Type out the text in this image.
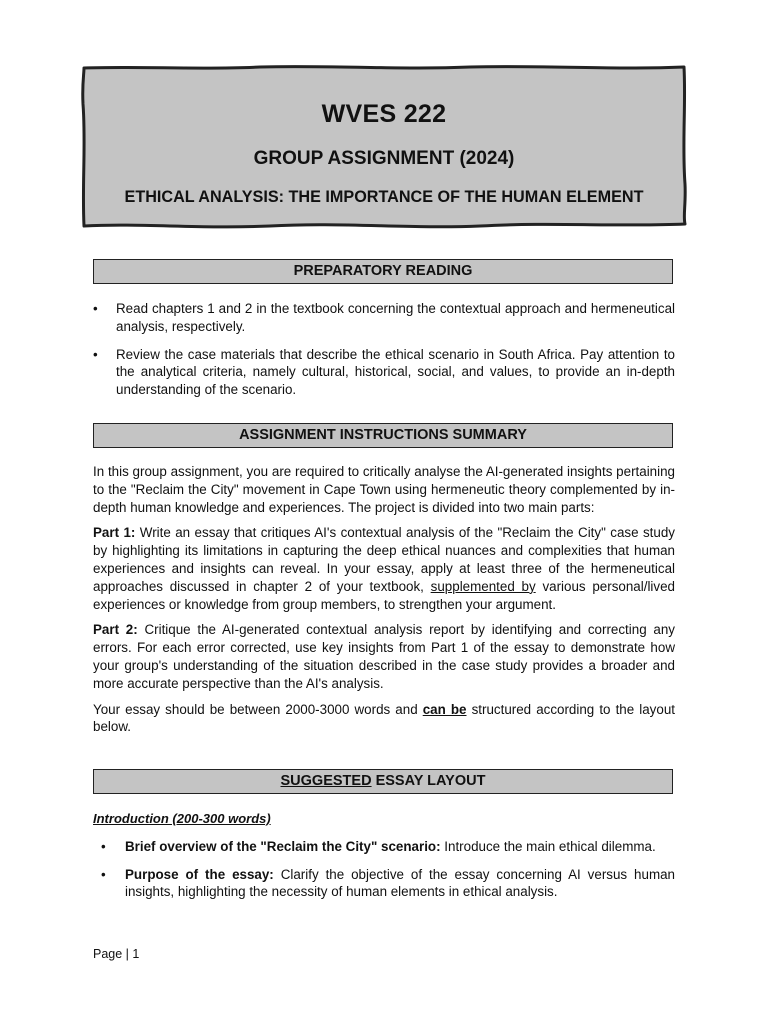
WVES 222
GROUP ASSIGNMENT (2024)
ETHICAL ANALYSIS: THE IMPORTANCE OF THE HUMAN ELEMENT
PREPARATORY READING
• Read chapters 1 and 2 in the textbook concerning the contextual approach and hermeneutical analysis, respectively.
• Review the case materials that describe the ethical scenario in South Africa. Pay attention to the analytical criteria, namely cultural, historical, social, and values, to provide an in-depth understanding of the scenario.
ASSIGNMENT INSTRUCTIONS SUMMARY

In this group assignment, you are required to critically analyse the AI-generated insights pertaining to the "Reclaim the City" movement in Cape Town using hermeneutic theory complemented by in-depth human knowledge and experiences. The project is divided into two main parts:

Part 1: Write an essay that critiques AI's contextual analysis of the "Reclaim the City" case study by highlighting its limitations in capturing the deep ethical nuances and complexities that human experiences and insights can reveal. In your essay, apply at least three of the hermeneutical approaches discussed in chapter 2 of your textbook, supplemented by various personal/lived experiences or knowledge from group members, to strengthen your argument.

Part 2: Critique the AI-generated contextual analysis report by identifying and correcting any errors. For each error corrected, use key insights from Part 1 of the essay to demonstrate how your group's understanding of the situation described in the case study provides a broader and more accurate perspective than the AI's analysis.

Your essay should be between 2000-3000 words and can be structured according to the layout below.

SUGGESTED ESSAY LAYOUT

Introduction (200-300 words)

• Brief overview of the "Reclaim the City" scenario: Introduce the main ethical dilemma.
• Purpose of the essay: Clarify the objective of the essay concerning AI versus human insights, highlighting the necessity of human elements in ethical analysis.
Page | 1
